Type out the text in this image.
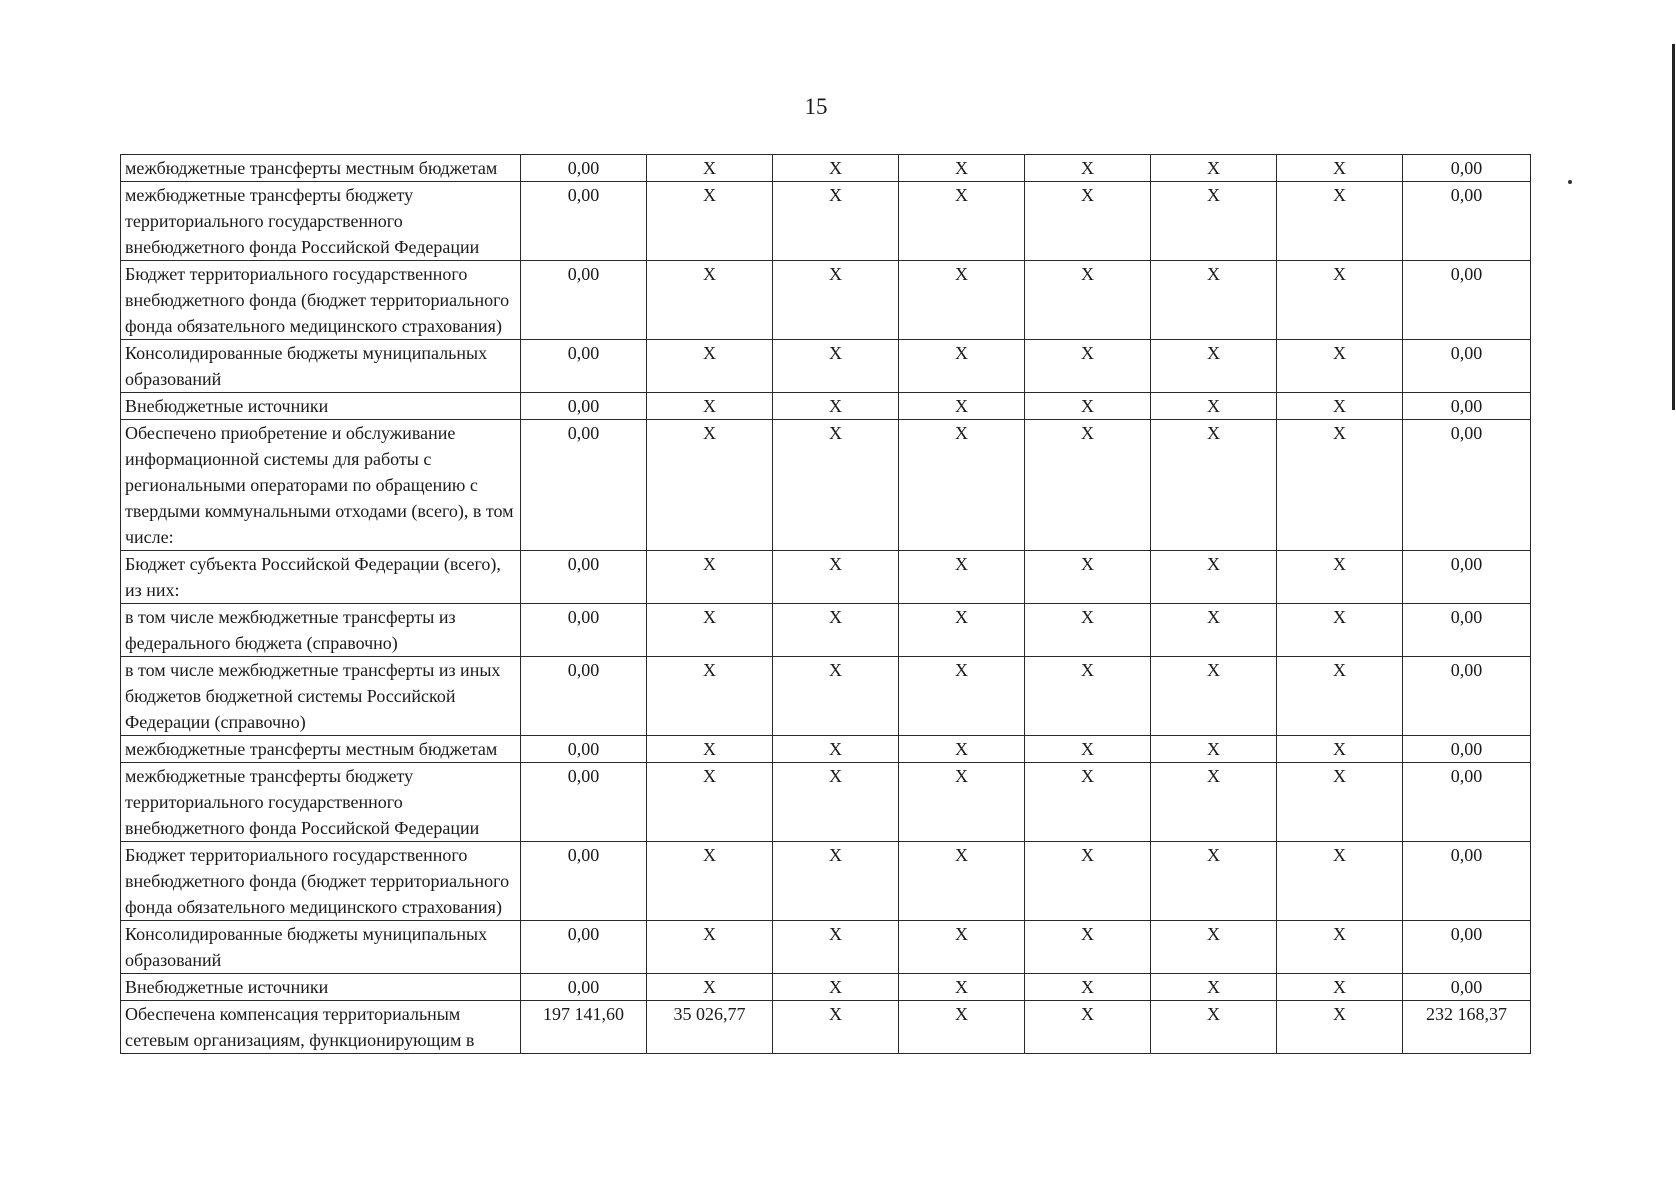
15
межбюджетные трансферты местным бюджетам	0,00	X	X	X	X	X	X	0,00
межбюджетные трансферты бюджету территориального государственного внебюджетного фонда Российской Федерации	0,00	X	X	X	X	X	X	0,00
Бюджет территориального государственного внебюджетного фонда (бюджет территориального фонда обязательного медицинского страхования)	0,00	X	X	X	X	X	X	0,00
Консолидированные бюджеты муниципальных образований	0,00	X	X	X	X	X	X	0,00
Внебюджетные источники	0,00	X	X	X	X	X	X	0,00
Обеспечено приобретение и обслуживание информационной системы для работы с региональными операторами по обращению с твердыми коммунальными отходами (всего), в том числе:	0,00	X	X	X	X	X	X	0,00
Бюджет субъекта Российской Федерации (всего), из них:	0,00	X	X	X	X	X	X	0,00
в том числе межбюджетные трансферты из федерального бюджета (справочно)	0,00	X	X	X	X	X	X	0,00
в том числе межбюджетные трансферты из иных бюджетов бюджетной системы Российской Федерации (справочно)	0,00	X	X	X	X	X	X	0,00
межбюджетные трансферты местным бюджетам	0,00	X	X	X	X	X	X	0,00
межбюджетные трансферты бюджету территориального государственного внебюджетного фонда Российской Федерации	0,00	X	X	X	X	X	X	0,00
Бюджет территориального государственного внебюджетного фонда (бюджет территориального фонда обязательного медицинского страхования)	0,00	X	X	X	X	X	X	0,00
Консолидированные бюджеты муниципальных образований	0,00	X	X	X	X	X	X	0,00
Внебюджетные источники	0,00	X	X	X	X	X	X	0,00
Обеспечена компенсация территориальным сетевым организациям, функционирующим в	197 141,60	35 026,77	X	X	X	X	X	232 168,37
